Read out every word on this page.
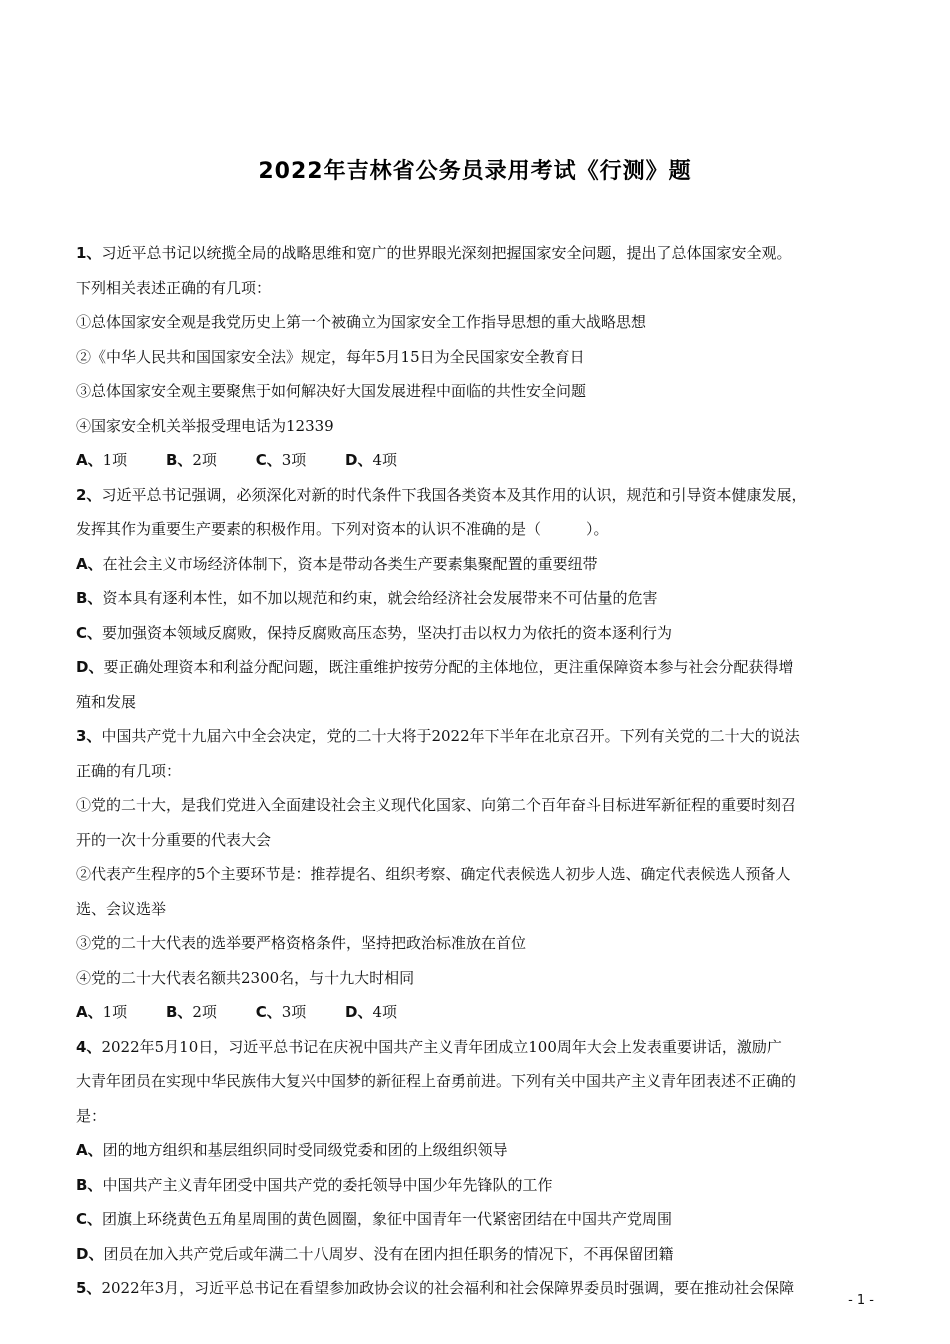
2022年吉林省公务员录用考试《行测》题
1、习近平总书记以统揽全局的战略思维和宽广的世界眼光深刻把握国家安全问题，提出了总体国家安全观。
下列相关表述正确的有几项：
①总体国家安全观是我党历史上第一个被确立为国家安全工作指导思想的重大战略思想
②《中华人民共和国国家安全法》规定，每年5月15日为全民国家安全教育日
③总体国家安全观主要聚焦于如何解决好大国发展进程中面临的共性安全问题
④国家安全机关举报受理电话为12339
A、1项	B、2项	C、3项	D、4项
2、习近平总书记强调，必须深化对新的时代条件下我国各类资本及其作用的认识，规范和引导资本健康发展，
发挥其作为重要生产要素的积极作用。下列对资本的认识不准确的是（　　　）。
A、在社会主义市场经济体制下，资本是带动各类生产要素集聚配置的重要纽带
B、资本具有逐利本性，如不加以规范和约束，就会给经济社会发展带来不可估量的危害
C、要加强资本领域反腐败，保持反腐败高压态势，坚决打击以权力为依托的资本逐利行为
D、要正确处理资本和利益分配问题，既注重维护按劳分配的主体地位，更注重保障资本参与社会分配获得增
殖和发展
3、中国共产党十九届六中全会决定，党的二十大将于2022年下半年在北京召开。下列有关党的二十大的说法
正确的有几项：
①党的二十大，是我们党进入全面建设社会主义现代化国家、向第二个百年奋斗目标进军新征程的重要时刻召
开的一次十分重要的代表大会
②代表产生程序的5个主要环节是：推荐提名、组织考察、确定代表候选人初步人选、确定代表候选人预备人
选、会议选举
③党的二十大代表的选举要严格资格条件，坚持把政治标准放在首位
④党的二十大代表名额共2300名，与十九大时相同
A、1项	B、2项	C、3项	D、4项
4、2022年5月10日，习近平总书记在庆祝中国共产主义青年团成立100周年大会上发表重要讲话，激励广
大青年团员在实现中华民族伟大复兴中国梦的新征程上奋勇前进。下列有关中国共产主义青年团表述不正确的
是：
A、团的地方组织和基层组织同时受同级党委和团的上级组织领导
B、中国共产主义青年团受中国共产党的委托领导中国少年先锋队的工作
C、团旗上环绕黄色五角星周围的黄色圆圈，象征中国青年一代紧密团结在中国共产党周围
D、团员在加入共产党后或年满二十八周岁、没有在团内担任职务的情况下，不再保留团籍
5、2022年3月，习近平总书记在看望参加政协会议的社会福利和社会保障界委员时强调，要在推动社会保障
- 1 -
